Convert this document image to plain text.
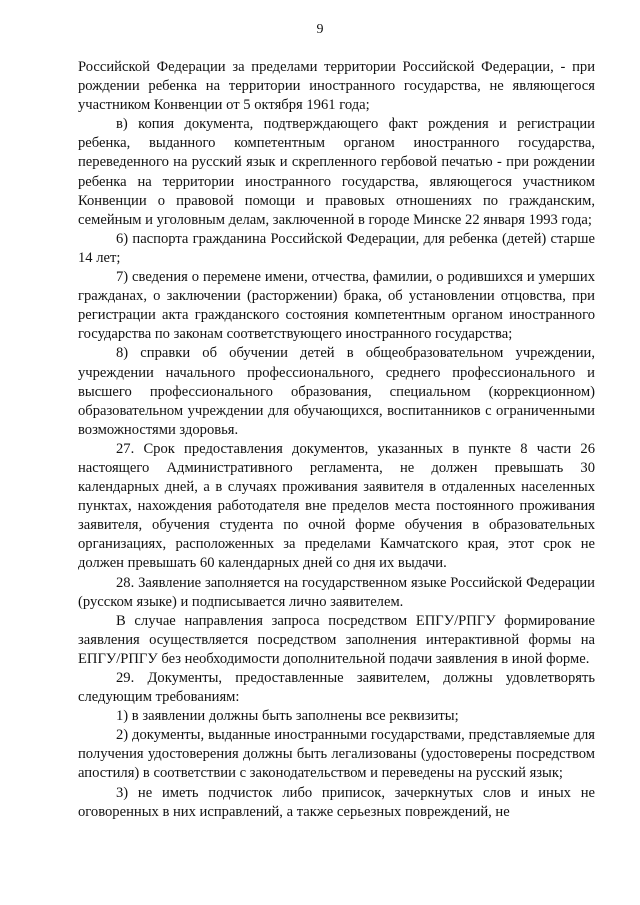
9

Российской Федерации за пределами территории Российской Федерации, - при рождении ребенка на территории иностранного государства, не являющегося участником Конвенции от 5 октября 1961 года;

в) копия документа, подтверждающего факт рождения и регистрации ребенка, выданного компетентным органом иностранного государства, переведенного на русский язык и скрепленного гербовой печатью - при рождении ребенка на территории иностранного государства, являющегося участником Конвенции о правовой помощи и правовых отношениях по гражданским, семейным и уголовным делам, заключенной в городе Минске 22 января 1993 года;

6) паспорта гражданина Российской Федерации, для ребенка (детей) старше 14 лет;

7) сведения о перемене имени, отчества, фамилии, о родившихся и умерших гражданах, о заключении (расторжении) брака, об установлении отцовства, при регистрации акта гражданского состояния компетентным органом иностранного государства по законам соответствующего иностранного государства;

8) справки об обучении детей в общеобразовательном учреждении, учреждении начального профессионального, среднего профессионального и высшего профессионального образования, специальном (коррекционном) образовательном учреждении для обучающихся, воспитанников с ограниченными возможностями здоровья.

27. Срок предоставления документов, указанных в пункте 8 части 26 настоящего Административного регламента, не должен превышать 30 календарных дней, а в случаях проживания заявителя в отдаленных населенных пунктах, нахождения работодателя вне пределов места постоянного проживания заявителя, обучения студента по очной форме обучения в образовательных организациях, расположенных за пределами Камчатского края, этот срок не должен превышать 60 календарных дней со дня их выдачи.

28. Заявление заполняется на государственном языке Российской Федерации (русском языке) и подписывается лично заявителем.

В случае направления запроса посредством ЕПГУ/РПГУ формирование заявления осуществляется посредством заполнения интерактивной формы на ЕПГУ/РПГУ без необходимости дополнительной подачи заявления в иной форме.

29. Документы, предоставленные заявителем, должны удовлетворять следующим требованиям:

1) в заявлении должны быть заполнены все реквизиты;

2) документы, выданные иностранными государствами, представляемые для получения удостоверения должны быть легализованы (удостоверены посредством апостиля) в соответствии с законодательством и переведены на русский язык;

3) не иметь подчисток либо приписок, зачеркнутых слов и иных не оговоренных в них исправлений, а также серьезных повреждений, не
